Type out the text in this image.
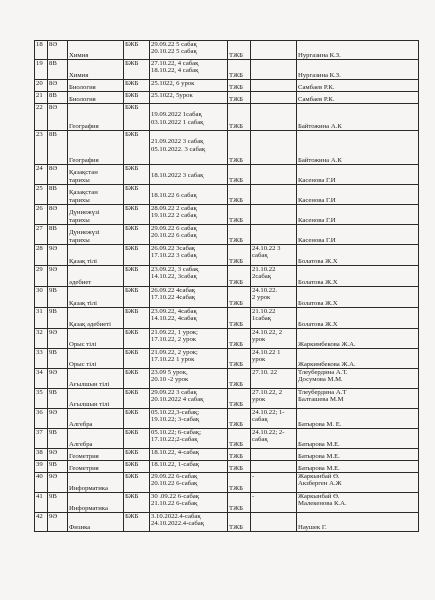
18	8Ә	Химия	БЖБ	29.09.22 5 сабақ
20.10.22 5 сабақ	ТЖБ		Нургазина К.З.

19	8В	Химия	БЖБ	27.10.22, 4 сабақ
18.10.22, 4 сабақ	ТЖБ		Нургазина К.З.

20	8Ә	Биология	БЖБ	25.1022, 6 урок	ТЖБ		Самбаев Р.К.

21	8В	Биология	БЖБ	25.1022, 5урок	ТЖБ		Самбаев Р.К.

22	8Ә	География	БЖБ	19.09.2022 1сабақ
03.10.2022 1 сабақ	ТЖБ		Байтожина А.К

23	8В	География	БЖБ	21.09.2022 3 сабақ
05.10.2022. 3 сабақ	ТЖБ		Байтожина А.К

24	8Ә	Қазақстан
тарихы	БЖБ	18.10.2022 3 сабақ	ТЖБ		Касенова Г.И

25	8В	Қазақстан
тарихы	БЖБ	18.10.22 6 сабақ	ТЖБ		Касенова Г.И

26	8Ә	Дүниежүзі
тарихы	БЖБ	28.09.22 2 сабақ
19.10.22 2 сабақ	ТЖБ		Касенова Г.И

27	8В	Дүниежүзі
тарихы	БЖБ	29.09.22 6 сабақ
20.10.22 6 сабақ	ТЖБ		Касенова Г.И

28	9Ә	Қазақ тілі	БЖБ	26.09.22 3сабақ
17.10.22 3 сабақ	ТЖБ	24.10.22 3
сабақ	Болатова Ж.Х

29	9Ә	әдебиет	БЖБ	23.09.22, 3 сабақ
14.10.22, 3сабақ	ТЖБ	21.10.22
2сабақ	Болатова Ж.Х

30	9В	Қазақ тілі	БЖБ	26.09.22 4сабақ
17.10.22 4сабақ	ТЖБ	24.10.22.
2 урок	Болатова Ж.Х

31	9В	Қазақ әдебиеті	БЖБ	23.09.22, 4сабақ
14.10.22, 4сабақ	ТЖБ	21.10.22
1сабақ	Болатова Ж.Х

32	9Ә	Орыс тілі	БЖБ	21.09.22, 1 урок;
17.10.22, 2 урок	ТЖБ	24.10.22, 2
урок	Жаркимбекова Ж.А.

33	9В	Орыс тілі	БЖБ	21.09.22, 2 урок;
17.10.22 1 урок	ТЖБ	24.10.22 1
урок	Жаркимбекова Ж.А.

34	9Ә	Ағылшын тілі	БЖБ	23.09 5 урок,
20.10 -2 урок	ТЖБ	27.10. 22	Тлеубердина А.Т.
Досумова М.М.

35	9В	Ағылшын тілі	БЖБ	29.09.22 3 сабақ
20.10.2022 4 сабақ	ТЖБ	27.10.22, 2
урок	Тлеубердина А.Т
Балташева М.М

36	9Ә	Алгебра	БЖБ	05.10.22,3-сабақ;
19.10.22; 3-сабақ	ТЖБ	24.10.22; 1-
сабақ	Батырова М. Е.

37	9В	Алгебра	БЖБ	05.10.22; 6-сабақ;
17.10.22;2-сабақ	ТЖБ	24.10.22; 2-
сабақ	Батырова М.Е.

38	9Ә	Геометрия	БЖБ	18.10.22, 4-сабақ	ТЖБ		Батырова М.Е.

39	9В	Геометрия	БЖБ	18.10.22, 1-сабақ	ТЖБ		Батырова М.Е.

40	9Ә	Информатика	БЖБ	29.09.22 6-сабақ
20.10.22 6-сабақ	ТЖБ	-	Жаркынбай Ө.
Акзберген А.Ж

41	9В	Информатика	БЖБ	30 .09.22 6-сабақ
21.10.22 6-сабақ	ТЖБ	-	Жаркынбай Ө.
Малекенова К.А.

42	9Ә	Физика	БЖБ	3.10.2022.4-сабақ
24.10.2022.4-сабақ	ТЖБ		Наушек Г.
